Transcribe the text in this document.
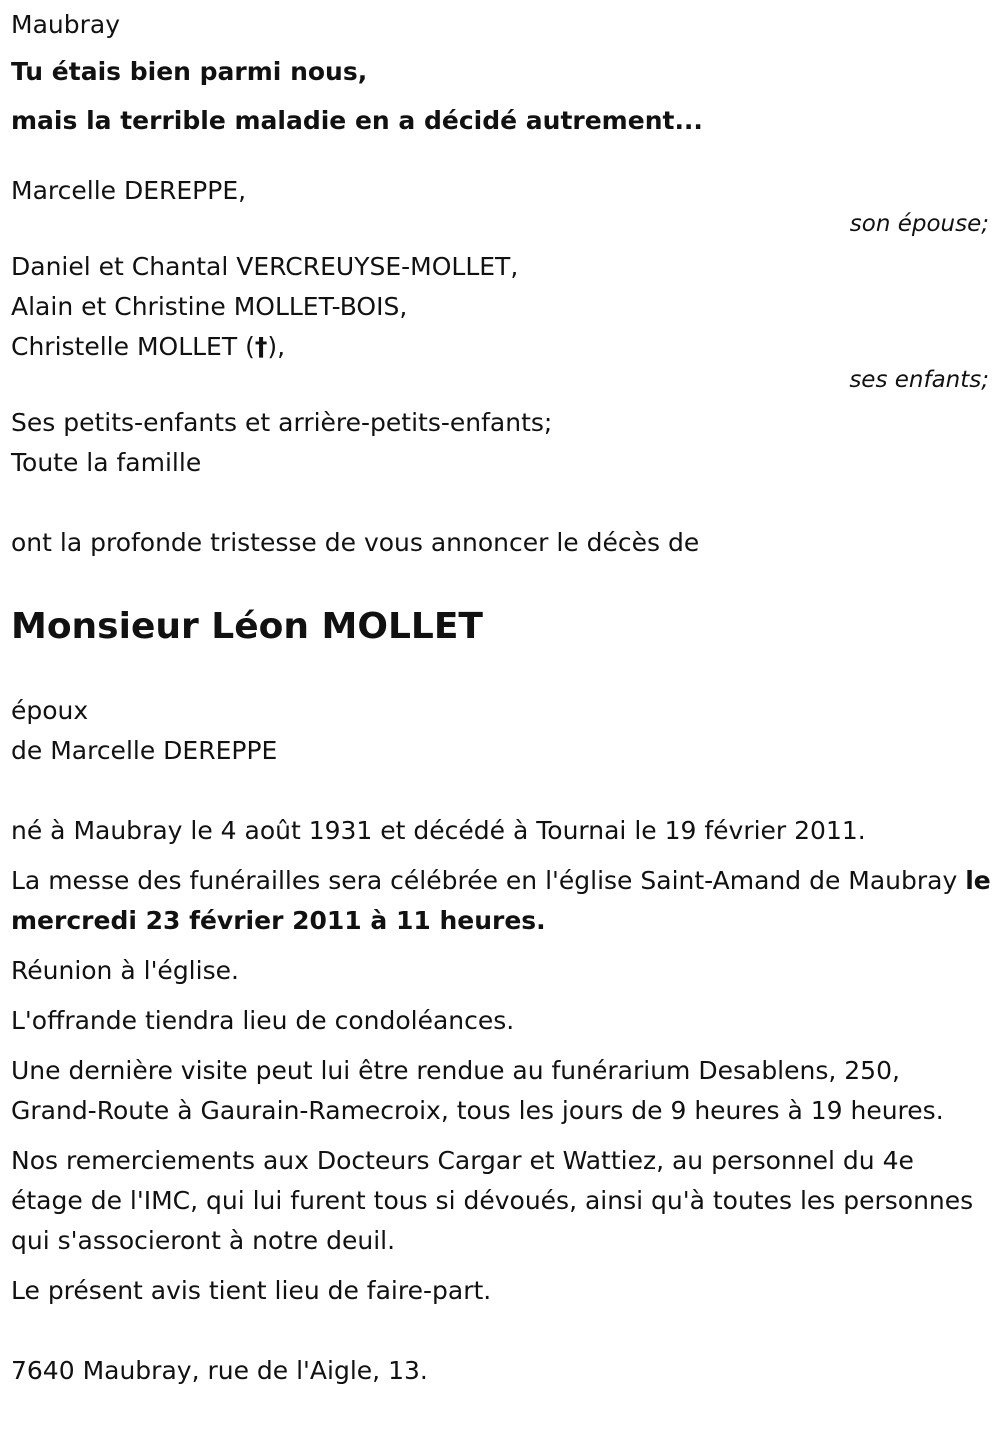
Maubray

Tu étais bien parmi nous,

mais la terrible maladie en a décidé autrement...

Marcelle DEREPPE,

son épouse;

Daniel et Chantal VERCREUYSE-MOLLET,

Alain et Christine MOLLET-BOIS,

Christelle MOLLET (†),

ses enfants;

Ses petits-enfants et arrière-petits-enfants;

Toute la famille

ont la profonde tristesse de vous annoncer le décès de

Monsieur Léon MOLLET

époux

de Marcelle DEREPPE

né à Maubray le 4 août 1931 et décédé à Tournai le 19 février 2011.

La messe des funérailles sera célébrée en l'église Saint-Amand de Maubray le mercredi 23 février 2011 à 11 heures.

Réunion à l'église.

L'offrande tiendra lieu de condoléances.

Une dernière visite peut lui être rendue au funérarium Desablens, 250, Grand-Route à Gaurain-Ramecroix, tous les jours de 9 heures à 19 heures.

Nos remerciements aux Docteurs Cargar et Wattiez, au personnel du 4e étage de l'IMC, qui lui furent tous si dévoués, ainsi qu'à toutes les personnes qui s'associeront à notre deuil.

Le présent avis tient lieu de faire-part.

7640 Maubray, rue de l'Aigle, 13.
